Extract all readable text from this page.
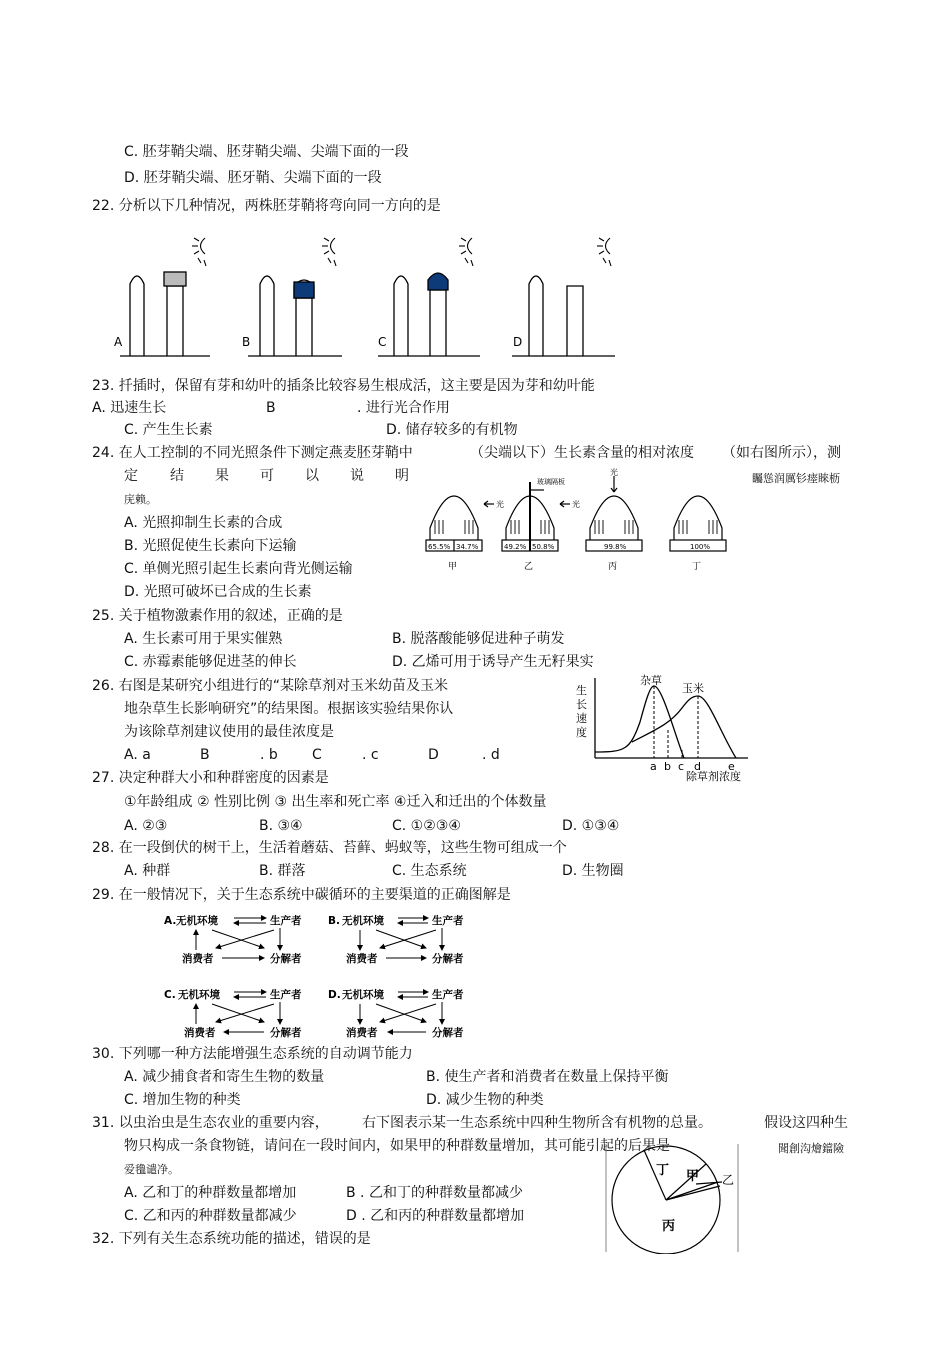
C. 胚芽鞘尖端、胚芽鞘尖端、尖端下面的一段
D. 胚芽鞘尖端、胚牙鞘、尖端下面的一段
22. 分析以下几种情况，两株胚芽鞘将弯向同一方向的是
A	B	C	D
23. 扦插时，保留有芽和幼叶的插条比较容易生根成活，这主要是因为芽和幼叶能
A. 迅速生长	B	. 进行光合作用
C. 产生生长素	D. 储存较多的有机物
24. 在人工控制的不同光照条件下测定燕麦胚芽鞘中	（尖端以下）生长素含量的相对浓度 （如右图所示），测
定 结 果 可 以 说 明	矚慫润厲钐瘗睞枥
庑赖。
A. 光照抑制生长素的合成
B. 光照促使生长素向下运输
C. 单侧光照引起生长素向背光侧运输
D. 光照可破坏已合成的生长素
光	光
光
玻璃隔板
65.5% 34.7%	49.2% 50.8%	99.8%	100%
甲	乙	丙	丁
25. 关于植物激素作用的叙述，正确的是
A. 生长素可用于果实催熟	B. 脱落酸能够促进种子萌发
C. 赤霉素能够促进茎的伸长	D. 乙烯可用于诱导产生无籽果实
26. 右图是某研究小组进行的“某除草剂对玉米幼苗及玉米
地杂草生长影响研究”的结果图。根据该实验结果你认
为该除草剂建议使用的最佳浓度是
A. a	B	. b C	. c	D	. d
生
长
速
度
杂草
玉米
a b c d e
除草剂浓度
27. 决定种群大小和种群密度的因素是
①年龄组成 ② 性别比例 ③ 出生率和死亡率 ④迁入和迁出的个体数量
A. ②③	B. ③④	C. ①②③④	D. ①③④
28. 在一段倒伏的树干上，生活着蘑菇、苔藓、蚂蚁等，这些生物可组成一个
A. 种群	B. 群落	C. 生态系统	D. 生物圈
29. 在一般情况下，关于生态系统中碳循环的主要渠道的正确图解是
A. 无机环境	生产者
消费者	分解者
B. 无机环境	生产者
消费者	分解者
C. 无机环境	生产者
消费者	分解者
D. 无机环境	生产者
消费者	分解者
30. 下列哪一种方法能增强生态系统的自动调节能力
A. 减少捕食者和寄生生物的数量	B. 使生产者和消费者在数量上保持平衡
C. 增加生物的种类	D. 减少生物的种类
31. 以虫治虫是生态农业的重要内容， 右下图表示某一生态系统中四种生物所含有机物的总量。	假设这四种生
物只构成一条食物链，请问在一段时间内，如果甲的种群数量增加，其可能引起的后果是	聞創沟燴鐺險
爱氇谴净。
A. 乙和丁的种群数量都增加	B . 乙和丁的种群数量都减少
C. 乙和丙的种群数量都减少	D . 乙和丙的种群数量都增加
丁 甲 乙
丙
32. 下列有关生态系统功能的描述，错误的是
